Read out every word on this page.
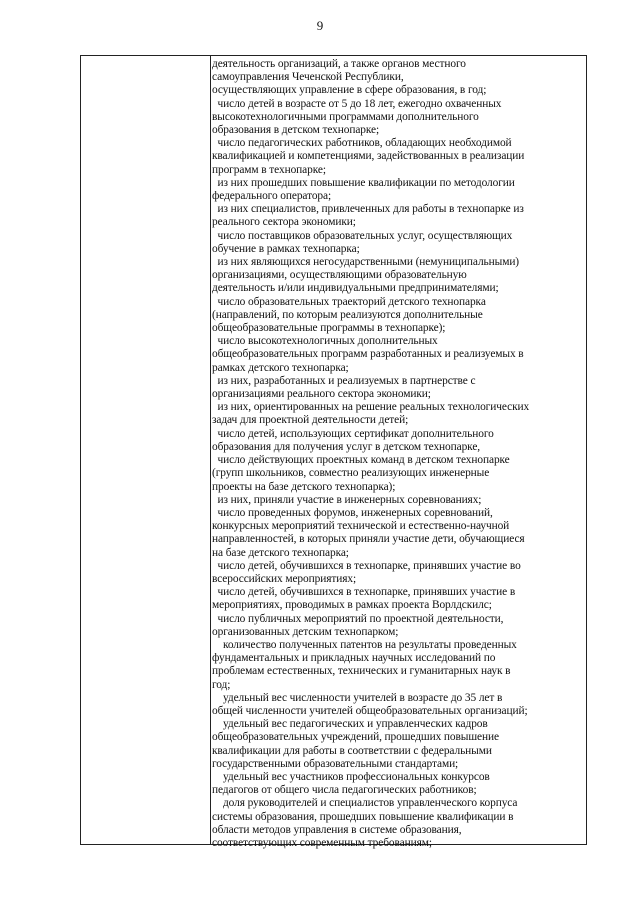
9
деятельность организаций, а также органов местного
самоуправления Чеченской Республики,
осуществляющих управление в сфере образования, в год;
число детей в возрасте от 5 до 18 лет, ежегодно охваченных
высокотехнологичными программами дополнительного
образования в детском технопарке;
число педагогических работников, обладающих необходимой
квалификацией и компетенциями, задействованных в реализации
программ в технопарке;
из них прошедших повышение квалификации по методологии
федерального оператора;
из них специалистов, привлеченных для работы в технопарке из
реального сектора экономики;
число поставщиков образовательных услуг, осуществляющих
обучение в рамках технопарка;
из них являющихся негосударственными (немуниципальными)
организациями, осуществляющими образовательную
деятельность и/или индивидуальными предпринимателями;
число образовательных траекторий детского технопарка
(направлений, по которым реализуются дополнительные
общеобразовательные программы в технопарке);
число высокотехнологичных дополнительных
общеобразовательных программ разработанных и реализуемых в
рамках детского технопарка;
из них, разработанных и реализуемых в партнерстве с
организациями реального сектора экономики;
из них, ориентированных на решение реальных технологических
задач для проектной деятельности детей;
число детей, использующих сертификат дополнительного
образования для получения услуг в детском технопарке,
число действующих проектных команд в детском технопарке
(групп школьников, совместно реализующих инженерные
проекты на базе детского технопарка);
из них, приняли участие в инженерных соревнованиях;
число проведенных форумов, инженерных соревнований,
конкурсных мероприятий технической и естественно-научной
направленностей, в которых приняли участие дети, обучающиеся
на базе детского технопарка;
число детей, обучившихся в технопарке, принявших участие во
всероссийских мероприятиях;
число детей, обучившихся в технопарке, принявших участие в
мероприятиях, проводимых в рамках проекта Ворлдскилс;
число публичных мероприятий по проектной деятельности,
организованных детским технопарком;
количество полученных патентов на результаты проведенных
фундаментальных и прикладных научных исследований по
проблемам естественных, технических и гуманитарных наук в
год;
удельный вес численности учителей в возрасте до 35 лет в
общей численности учителей общеобразовательных организаций;
удельный вес педагогических и управленческих кадров
общеобразовательных учреждений, прошедших повышение
квалификации для работы в соответствии с федеральными
государственными образовательными стандартами;
удельный вес участников профессиональных конкурсов
педагогов от общего числа педагогических работников;
доля руководителей и специалистов управленческого корпуса
системы образования, прошедших повышение квалификации в
области методов управления в системе образования,
соответствующих современным требованиям;
